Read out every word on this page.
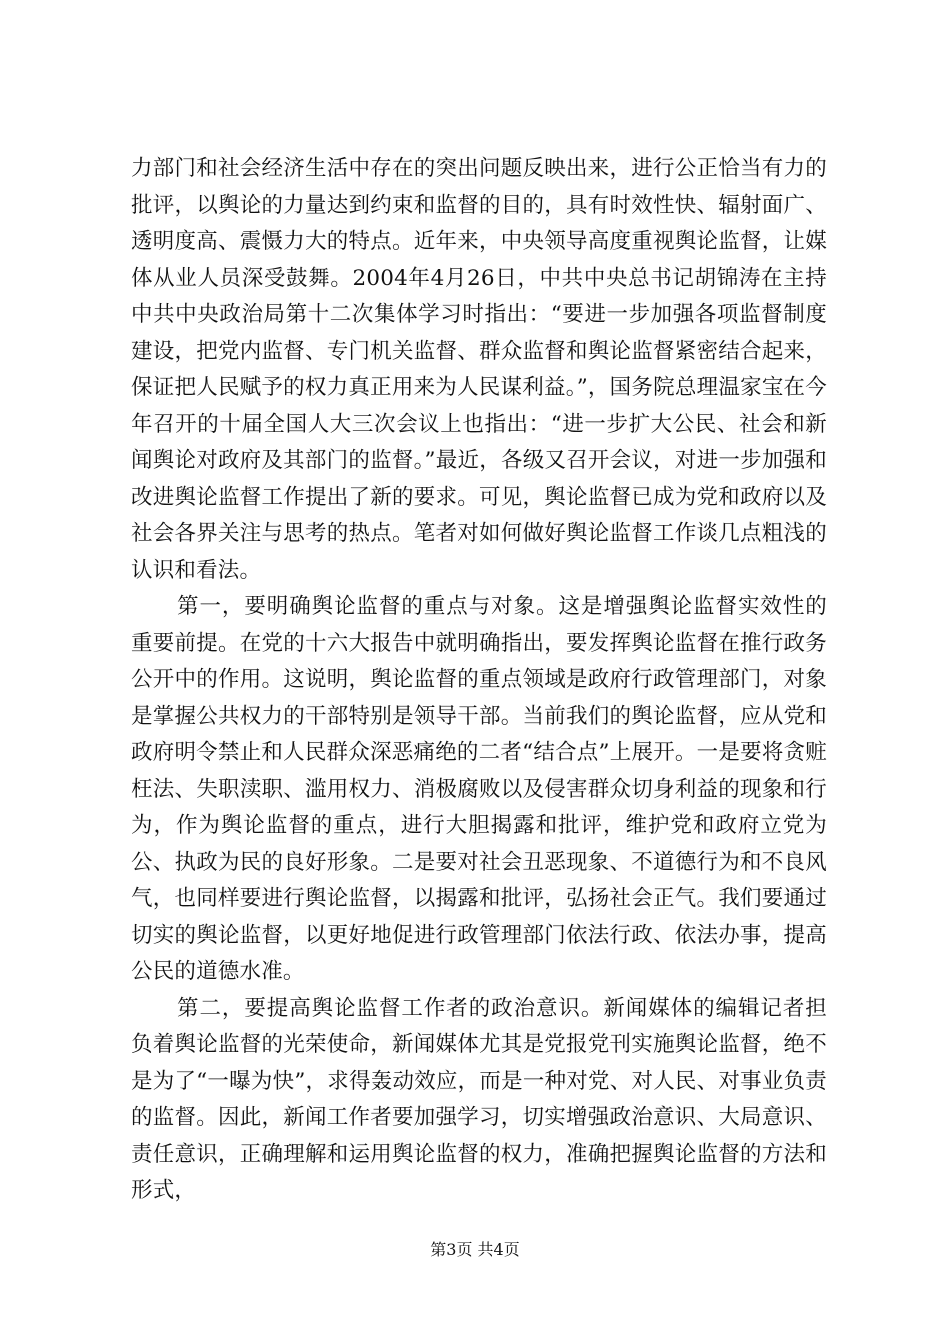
力部门和社会经济生活中存在的突出问题反映出来，进行公正恰当有力的批评，以舆论的力量达到约束和监督的目的，具有时效性快、辐射面广、透明度高、震慑力大的特点。近年来，中央领导高度重视舆论监督，让媒体从业人员深受鼓舞。2004年4月26日，中共中央总书记胡锦涛在主持中共中央政治局第十二次集体学习时指出：“要进一步加强各项监督制度建设，把党内监督、专门机关监督、群众监督和舆论监督紧密结合起来，保证把人民赋予的权力真正用来为人民谋利益。”，国务院总理温家宝在今年召开的十届全国人大三次会议上也指出：“进一步扩大公民、社会和新闻舆论对政府及其部门的监督。”最近，各级又召开会议，对进一步加强和改进舆论监督工作提出了新的要求。可见，舆论监督已成为党和政府以及社会各界关注与思考的热点。笔者对如何做好舆论监督工作谈几点粗浅的认识和看法。

第一，要明确舆论监督的重点与对象。这是增强舆论监督实效性的重要前提。在党的十六大报告中就明确指出，要发挥舆论监督在推行政务公开中的作用。这说明，舆论监督的重点领域是政府行政管理部门，对象是掌握公共权力的干部特别是领导干部。当前我们的舆论监督，应从党和政府明令禁止和人民群众深恶痛绝的二者“结合点”上展开。一是要将贪赃枉法、失职渎职、滥用权力、消极腐败以及侵害群众切身利益的现象和行为，作为舆论监督的重点，进行大胆揭露和批评，维护党和政府立党为公、执政为民的良好形象。二是要对社会丑恶现象、不道德行为和不良风气，也同样要进行舆论监督，以揭露和批评，弘扬社会正气。我们要通过切实的舆论监督，以更好地促进行政管理部门依法行政、依法办事，提高公民的道德水准。

第二，要提高舆论监督工作者的政治意识。新闻媒体的编辑记者担负着舆论监督的光荣使命，新闻媒体尤其是党报党刊实施舆论监督，绝不是为了“一曝为快”，求得轰动效应，而是一种对党、对人民、对事业负责的监督。因此，新闻工作者要加强学习，切实增强政治意识、大局意识、责任意识，正确理解和运用舆论监督的权力，准确把握舆论监督的方法和形式，

第3页 共4页
